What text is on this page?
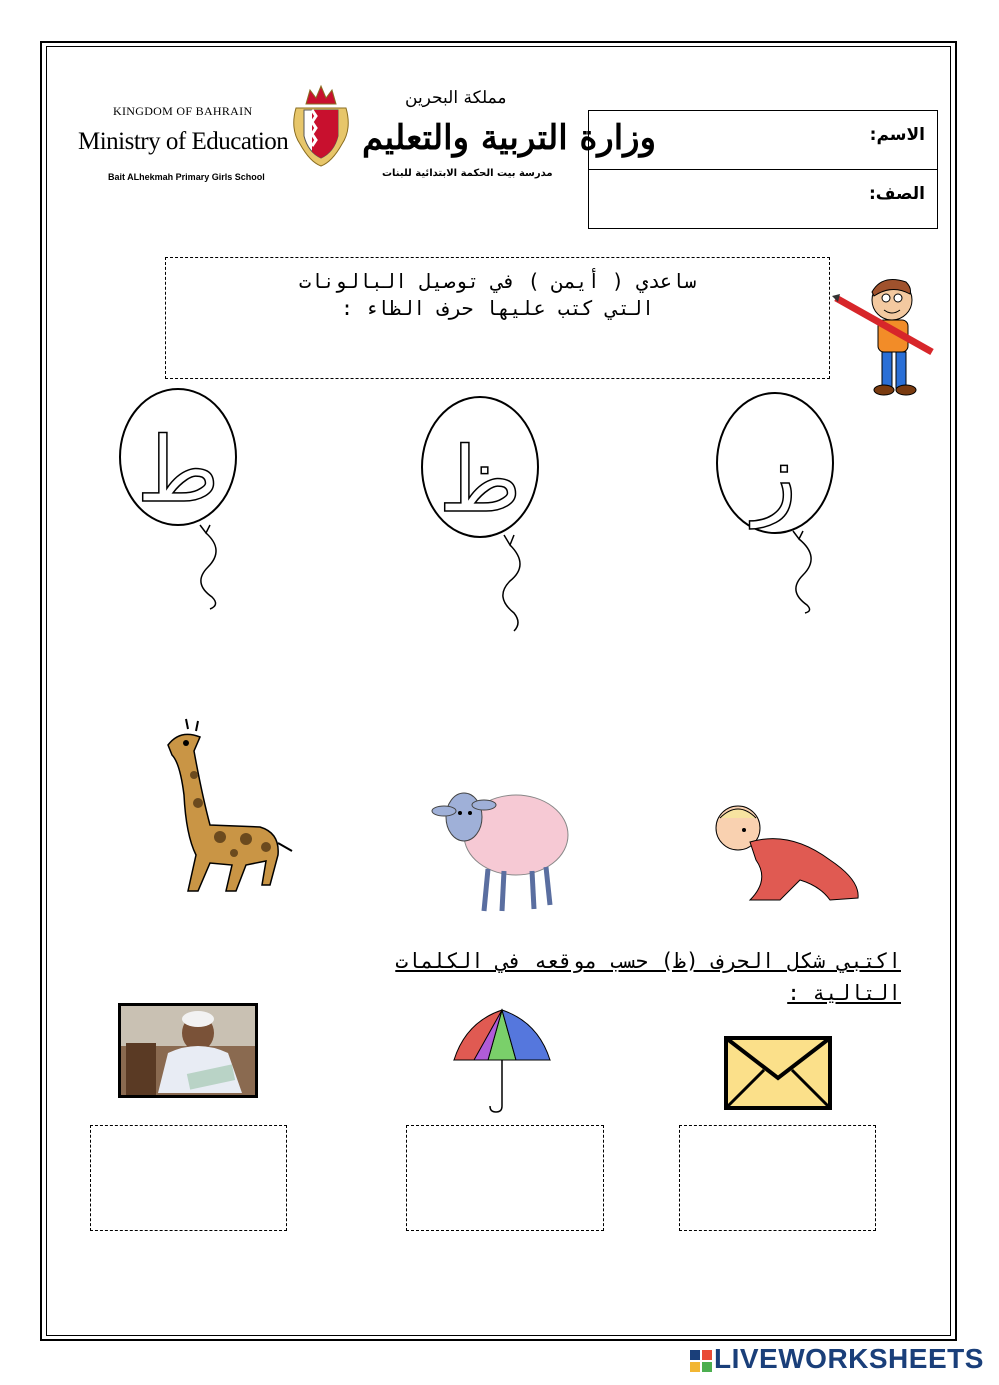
KINGDOM OF BAHRAIN
Ministry of Education
Bait ALhekmah Primary Girls School
مملكة البحرين
وزارة التربية والتعليم
مدرسة بيت الحكمة الابتدائية للبنات
الاسم:
الصف:
ساعدي ( أيمن ) في توصيل البالونات
التي كتب عليها حرف الظاء :
ط ظ	ز
اكتبي شكل الحرف (ظ) حسب موقعه في الكلمات
التالية :
LIVEWORKSHEETS
